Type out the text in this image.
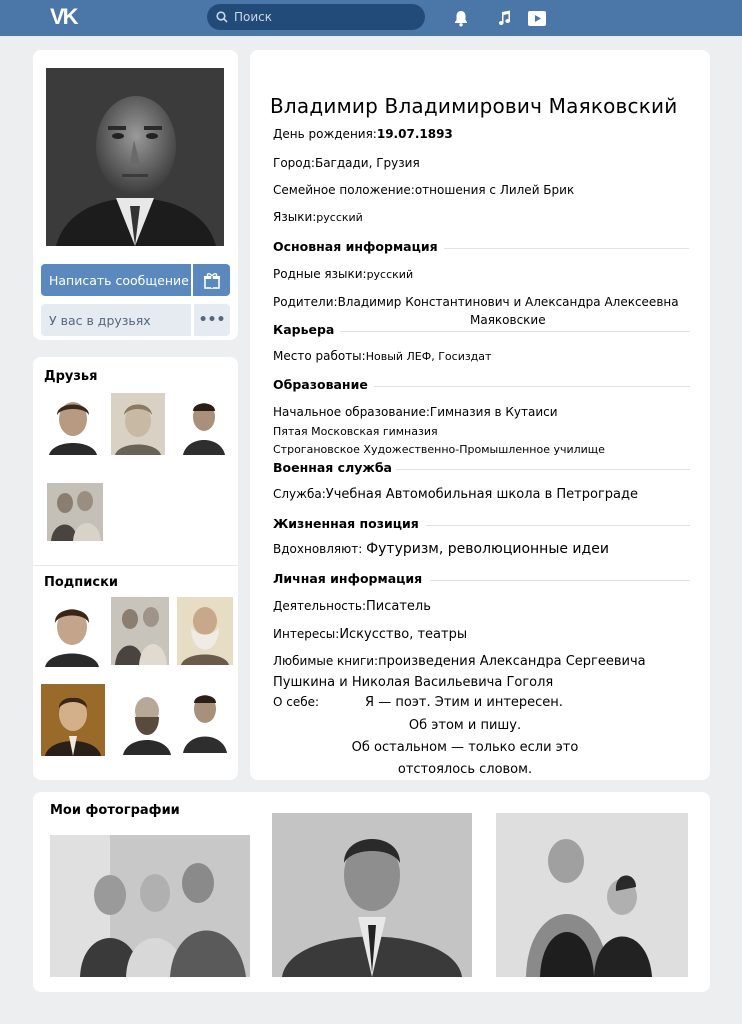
VK
Поиск
Написать сообщение
У вас в друзьях	•••
Друзья
Подписки
Владимир Владимирович Маяковский
День рождения:19.07.1893
Город:Багдади, Грузия
Семейное положение:отношения с Лилей Брик
Языки:русский
Основная информация
Родные языки:русский
Родители:Владимир Константинович и Александра Алексеевна
Маяковские
Карьера
Место работы:Новый ЛЕФ, Госиздат
Образование
Начальное образование:Гимназия в Кутаиси
Пятая Московская гимназия
Строгановское Художественно-Промышленное училище
Военная служба
Служба:Учебная Автомобильная школа в Петрограде
Жизненная позиция
Вдохновляют: Футуризм, революционные идеи
Личная информация
Деятельность:Писатель
Интересы:Искусство, театры
Любимые книги:произведения Александра Сергеевича
Пушкина и Николая Васильевича Гоголя
О себе:	Я — поэт. Этим и интересен.
Об этом и пишу.
Об остальном — только если это
отстоялось словом.
Мои фотографии
